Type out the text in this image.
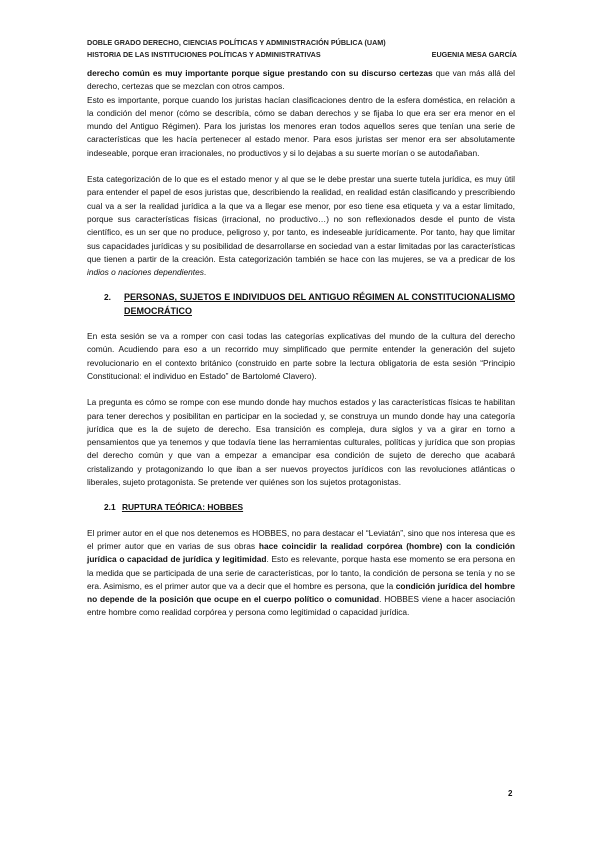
DOBLE GRADO DERECHO, CIENCIAS POLÍTICAS Y ADMINISTRACIÓN PÚBLICA (UAM)
HISTORIA DE LAS INSTITUCIONES POLÍTICAS Y ADMINISTRATIVAS	EUGENIA MESA GARCÍA

derecho común es muy importante porque sigue prestando con su discurso certezas que van más allá del derecho, certezas que se mezclan con otros campos.

Esto es importante, porque cuando los juristas hacían clasificaciones dentro de la esfera doméstica, en relación a la condición del menor (cómo se describía, cómo se daban derechos y se fijaba lo que era ser era menor en el mundo del Antiguo Régimen). Para los juristas los menores eran todos aquellos seres que tenían una serie de características que les hacía pertenecer al estado menor. Para esos juristas ser menor era ser absolutamente indeseable, porque eran irracionales, no productivos y si lo dejabas a su suerte morían o se autodañaban.

Esta categorización de lo que es el estado menor y al que se le debe prestar una suerte tutela jurídica, es muy útil para entender el papel de esos juristas que, describiendo la realidad, en realidad están clasificando y prescribiendo cual va a ser la realidad jurídica a la que va a llegar ese menor, por eso tiene esa etiqueta y va a estar limitado, porque sus características físicas (irracional, no productivo…) no son reflexionados desde el punto de vista científico, es un ser que no produce, peligroso y, por tanto, es indeseable jurídicamente. Por tanto, hay que limitar sus capacidades jurídicas y su posibilidad de desarrollarse en sociedad van a estar limitadas por las características que tienen a partir de la creación. Esta categorización también se hace con las mujeres, se va a predicar de los indios o naciones dependientes.

2.	PERSONAS, SUJETOS E INDIVIDUOS DEL ANTIGUO RÉGIMEN AL CONSTITUCIONALISMO DEMOCRÁTICO

En esta sesión se va a romper con casi todas las categorías explicativas del mundo de la cultura del derecho común. Acudiendo para eso a un recorrido muy simplificado que permite entender la generación del sujeto revolucionario en el contexto británico (construido en parte sobre la lectura obligatoria de esta sesión “Principio Constitucional: el individuo en Estado” de Bartolomé Clavero).

La pregunta es cómo se rompe con ese mundo donde hay muchos estados y las características físicas te habilitan para tener derechos y posibilitan en participar en la sociedad y, se construya un mundo donde hay una categoría jurídica que es la de sujeto de derecho. Esa transición es compleja, dura siglos y va a girar en torno a pensamientos que ya tenemos y que todavía tiene las herramientas culturales, políticas y jurídica que son propias del derecho común y que van a empezar a emancipar esa condición de sujeto de derecho que acabará cristalizando y protagonizando lo que iban a ser nuevos proyectos jurídicos con las revoluciones atlánticas o liberales, sujeto protagonista. Se pretende ver quiénes son los sujetos protagonistas.

2.1 RUPTURA TEÓRICA: HOBBES

El primer autor en el que nos detenemos es HOBBES, no para destacar el “Leviatán”, sino que nos interesa que es el primer autor que en varias de sus obras hace coincidir la realidad corpórea (hombre) con la condición jurídica o capacidad de jurídica y legitimidad. Esto es relevante, porque hasta ese momento se era persona en la medida que se participada de una serie de características, por lo tanto, la condición de persona se tenía y no se era. Asimismo, es el primer autor que va a decir que el hombre es persona, que la condición jurídica del hombre no depende de la posición que ocupe en el cuerpo político o comunidad. HOBBES viene a hacer asociación entre hombre como realidad corpórea y persona como legitimidad o capacidad jurídica.

2
